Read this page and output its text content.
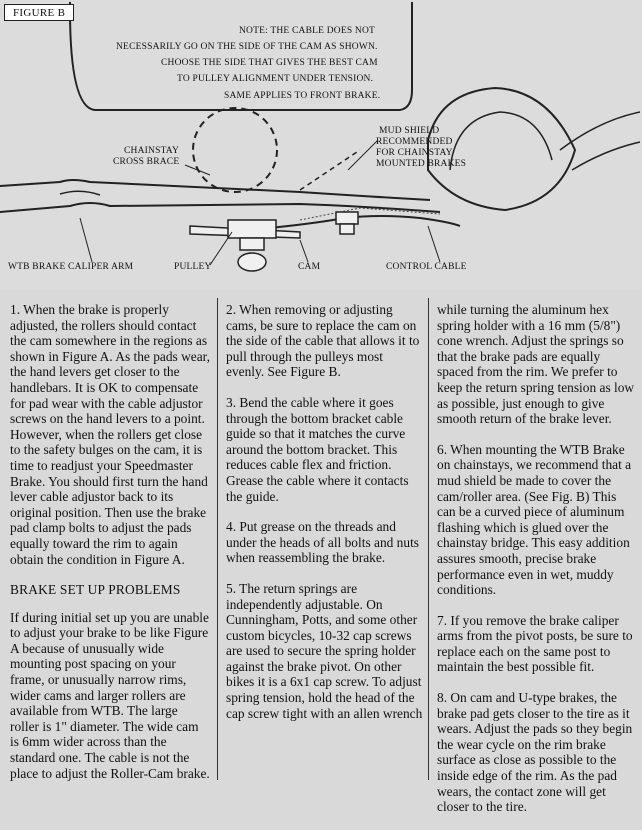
FIGURE B
NOTE: THE CABLE DOES NOT
NECESSARILY GO ON THE SIDE OF THE CAM AS SHOWN.
CHOOSE THE SIDE THAT GIVES THE BEST CAM
TO PULLEY ALIGNMENT UNDER TENSION.
SAME APPLIES TO FRONT BRAKE.
CHAINSTAY
CROSS BRACE
MUD SHIELD
RECOMMENDED
FOR CHAINSTAY
MOUNTED BRAKES
WTB BRAKE CALIPER ARM	PULLEY	CAM	CONTROL CABLE

1. When the brake is properly adjusted, the rollers should contact the cam somewhere in the regions as shown in Figure A. As the pads wear, the hand levers get closer to the handlebars. It is OK to compensate for pad wear with the cable adjustor screws on the hand levers to a point. However, when the rollers get close to the safety bulges on the cam, it is time to readjust your Speedmaster Brake. You should first turn the hand lever cable adjustor back to its original position. Then use the brake pad clamp bolts to adjust the pads equally toward the rim to again obtain the condition in Figure A.

BRAKE SET UP PROBLEMS

If during initial set up you are unable to adjust your brake to be like Figure A because of unusually wide mounting post spacing on your frame, or unusually narrow rims, wider cams and larger rollers are available from WTB. The large roller is 1" diameter. The wide cam is 6mm wider across than the standard one. The cable is not the place to adjust the Roller-Cam brake.

2. When removing or adjusting cams, be sure to replace the cam on the side of the cable that allows it to pull through the pulleys most evenly. See Figure B.

3. Bend the cable where it goes through the bottom bracket cable guide so that it matches the curve around the bottom bracket. This reduces cable flex and friction. Grease the cable where it contacts the guide.

4. Put grease on the threads and under the heads of all bolts and nuts when reassembling the brake.

5. The return springs are independently adjustable. On Cunningham, Potts, and some other custom bicycles, 10-32 cap screws are used to secure the spring holder against the brake pivot. On other bikes it is a 6x1 cap screw. To adjust spring tension, hold the head of the cap screw tight with an allen wrench

while turning the aluminum hex spring holder with a 16 mm (5/8") cone wrench. Adjust the springs so that the brake pads are equally spaced from the rim. We prefer to keep the return spring tension as low as possible, just enough to give smooth return of the brake lever.

6. When mounting the WTB Brake on chainstays, we recommend that a mud shield be made to cover the cam/roller area. (See Fig. B) This can be a curved piece of aluminum flashing which is glued over the chainstay bridge. This easy addition assures smooth, precise brake performance even in wet, muddy conditions.

7. If you remove the brake caliper arms from the pivot posts, be sure to replace each on the same post to maintain the best possible fit.

8. On cam and U-type brakes, the brake pad gets closer to the tire as it wears. Adjust the pads so they begin the wear cycle on the rim brake surface as close as possible to the inside edge of the rim. As the pad wears, the contact zone will get closer to the tire.
